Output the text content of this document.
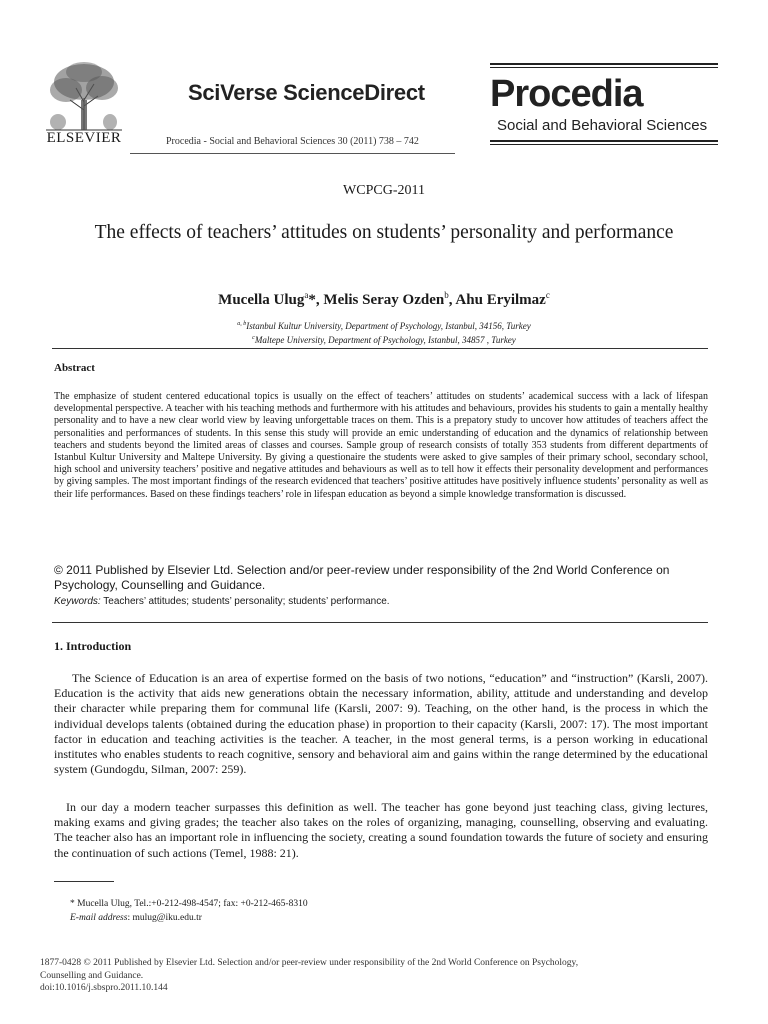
ELSEVIER
SciVerse ScienceDirect
Procedia - Social and Behavioral Sciences 30 (2011) 738 – 742
Procedia
Social and Behavioral Sciences
WCPCG-2011
The effects of teachers’ attitudes on students’ personality and performance
Mucella Ulug$^a$*, Melis Seray Ozden$^b$, Ahu Eryilmaz$^c$
$^{a, b}$Istanbul Kultur University, Department of Psychology, Istanbul, 34156, Turkey
$^c$Maltepe University, Department of Psychology, Istanbul, 34857 , Turkey
Abstract
The emphasize of student centered educational topics is usually on the effect of teachers’ attitudes on students’ academical success with a lack of lifespan developmental perspective. A teacher with his teaching methods and furthermore with his attitudes and behaviours, provides his students to gain a mentally healthy personality and to have a new clear world view by leaving unforgettable traces on them. This is a prepatory study to uncover how attitudes of teachers affect the personalities and performances of students. In this sense this study will provide an emic understanding of education and the dynamics of relationship between teachers and students beyond the limited areas of classes and courses. Sample group of research consists of totally 353 students from different departments of Istanbul Kultur University and Maltepe University. By giving a questionaire the students were asked to give samples of their primary school, secondary school, high school and university teachers’ positive and negative attitudes and behaviours as well as to tell how it effects their personality development and performances by giving samples. The most important findings of the research evidenced that teachers’ positive attitudes have positively influence students’ personality as well as their life performances. Based on these findings teachers’ role in lifespan education as beyond a simple knowledge transformation is discussed.
© 2011 Published by Elsevier Ltd. Selection and/or peer-review under responsibility of the 2nd World Conference on Psychology, Counselling and Guidance.
Keywords: Teachers’ attitudes; students’ personality; students’ performance.
1. Introduction
The Science of Education is an area of expertise formed on the basis of two notions, “education” and “instruction” (Karsli, 2007). Education is the activity that aids new generations obtain the necessary information, ability, attitude and understanding and develop their character while preparing them for communal life (Karsli, 2007: 9). Teaching, on the other hand, is the process in which the individual develops talents (obtained during the education phase) in proportion to their capacity (Karsli, 2007: 17). The most important factor in education and teaching activities is the teacher. A teacher, in the most general terms, is a person working in educational institutes who enables students to reach cognitive, sensory and behavioral aim and gains within the range determined by the educational system (Gundogdu, Silman, 2007: 259).
In our day a modern teacher surpasses this definition as well. The teacher has gone beyond just teaching class, giving lectures, making exams and giving grades; the teacher also takes on the roles of organizing, managing, counselling, observing and evaluating. The teacher also has an important role in influencing the society, creating a sound foundation towards the future of society and ensuring the continuation of such actions (Temel, 1988: 21).
* Mucella Ulug, Tel.:+0-212-498-4547; fax: +0-212-465-8310
E-mail address: mulug@iku.edu.tr
1877-0428 © 2011 Published by Elsevier Ltd. Selection and/or peer-review under responsibility of the 2nd World Conference on Psychology,
Counselling and Guidance.
doi:10.1016/j.sbspro.2011.10.144
